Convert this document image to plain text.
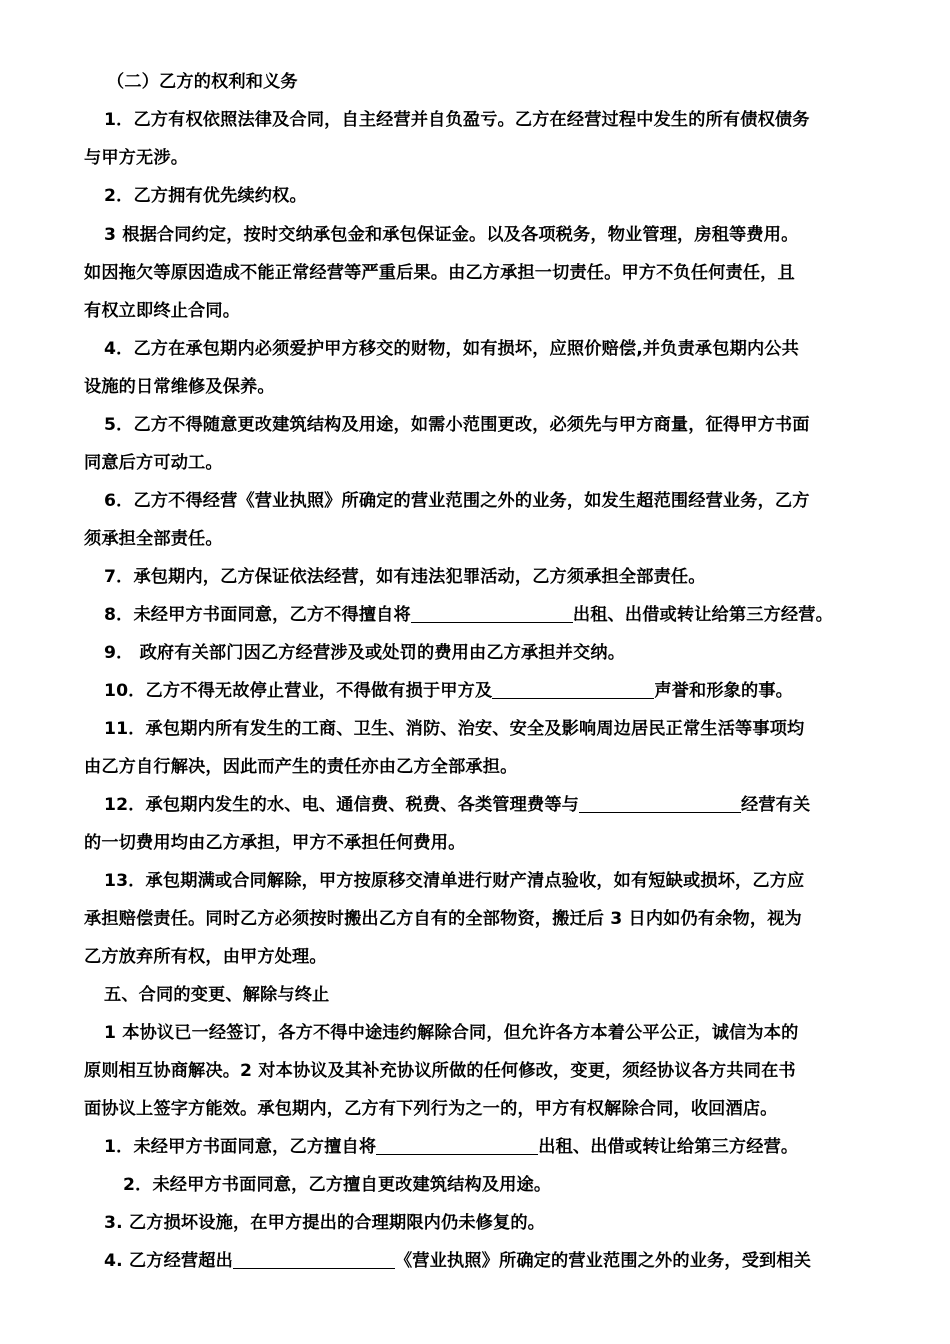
（二）乙方的权利和义务
1．乙方有权依照法律及合同，自主经营并自负盈亏。乙方在经营过程中发生的所有债权债务
与甲方无涉。
2．乙方拥有优先续约权。
3 根据合同约定，按时交纳承包金和承包保证金。以及各项税务，物业管理，房租等费用。
如因拖欠等原因造成不能正常经营等严重后果。由乙方承担一切责任。甲方不负任何责任，且
有权立即终止合同。
4．乙方在承包期内必须爱护甲方移交的财物，如有损坏，应照价赔偿,并负责承包期内公共
设施的日常维修及保养。
5．乙方不得随意更改建筑结构及用途，如需小范围更改，必须先与甲方商量，征得甲方书面
同意后方可动工。
6．乙方不得经营《营业执照》所确定的营业范围之外的业务，如发生超范围经营业务，乙方
须承担全部责任。
7．承包期内，乙方保证依法经营，如有违法犯罪活动，乙方须承担全部责任。
8．未经甲方书面同意，乙方不得擅自将	出租、出借或转让给第三方经营。
9． 政府有关部门因乙方经营涉及或处罚的费用由乙方承担并交纳。
10．乙方不得无故停止营业，不得做有损于甲方及	声誉和形象的事。
11．承包期内所有发生的工商、卫生、消防、治安、安全及影响周边居民正常生活等事项均
由乙方自行解决，因此而产生的责任亦由乙方全部承担。
12．承包期内发生的水、电、通信费、税费、各类管理费等与	经营有关
的一切费用均由乙方承担，甲方不承担任何费用。
13．承包期满或合同解除，甲方按原移交清单进行财产清点验收，如有短缺或损坏，乙方应
承担赔偿责任。同时乙方必须按时搬出乙方自有的全部物资，搬迁后 3 日内如仍有余物，视为
乙方放弃所有权，由甲方处理。
五、合同的变更、解除与终止
1 本协议已一经签订，各方不得中途违约解除合同，但允许各方本着公平公正，诚信为本的
原则相互协商解决。2 对本协议及其补充协议所做的任何修改，变更，须经协议各方共同在书
面协议上签字方能效。承包期内，乙方有下列行为之一的，甲方有权解除合同，收回酒店。
1．未经甲方书面同意，乙方擅自将	出租、出借或转让给第三方经营。
2．未经甲方书面同意，乙方擅自更改建筑结构及用途。
3. 乙方损坏设施，在甲方提出的合理期限内仍未修复的。
4. 乙方经营超出	《营业执照》所确定的营业范围之外的业务，受到相关
